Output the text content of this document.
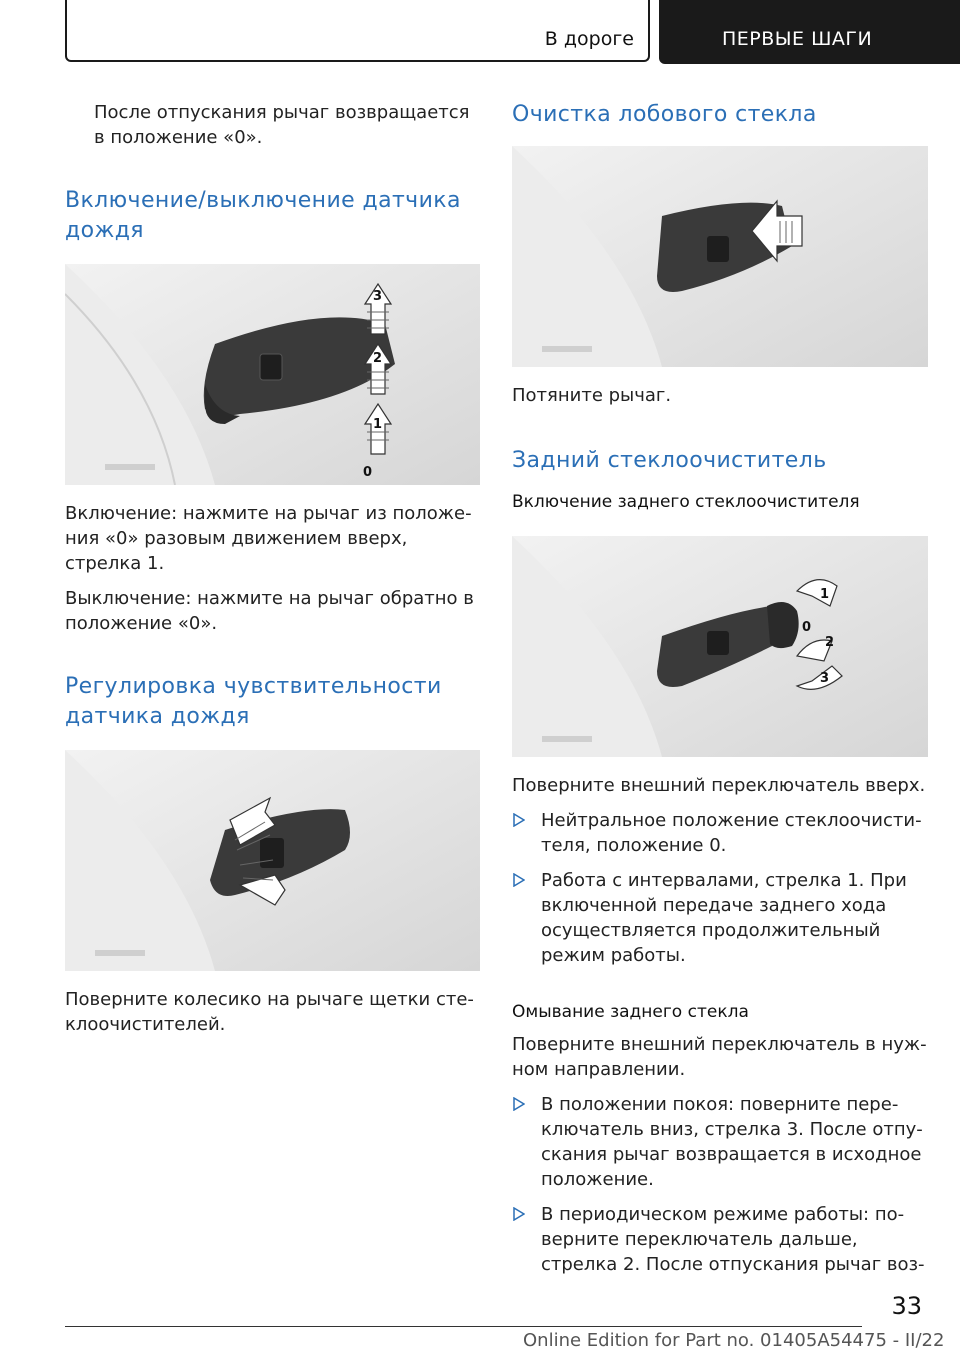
В дороге	ПЕРВЫЕ ШАГИ

После отпускания рычаг возвращается в положение «0».

Включение/выключение датчика дождя
3
2
1
0

Включение: нажмите на рычаг из положения «0» разовым движением вверх, стрелка 1.

Выключение: нажмите на рычаг обратно в положение «0».

Регулировка чувствительности датчика дождя

Поверните колесико на рычаге щетки стеклоочистителей.

Очистка лобового стекла

Потяните рычаг.

Задний стеклоочиститель
Включение заднего стеклоочистителя
1
0
2
3

Поверните внешний переключатель вверх.

Нейтральное положение стеклоочистителя, положение 0.

Работа с интервалами, стрелка 1. При включенной передаче заднего хода осуществляется продолжительный режим работы.

Омывание заднего стекла

Поверните внешний переключатель в нужном направлении.

В положении покоя: поверните переключатель вниз, стрелка 3. После отпускания рычаг возвращается в исходное положение.

В периодическом режиме работы: поверните переключатель дальше, стрелка 2. После отпускания рычаг воз-

33
Online Edition for Part no. 01405A54475 - II/22
